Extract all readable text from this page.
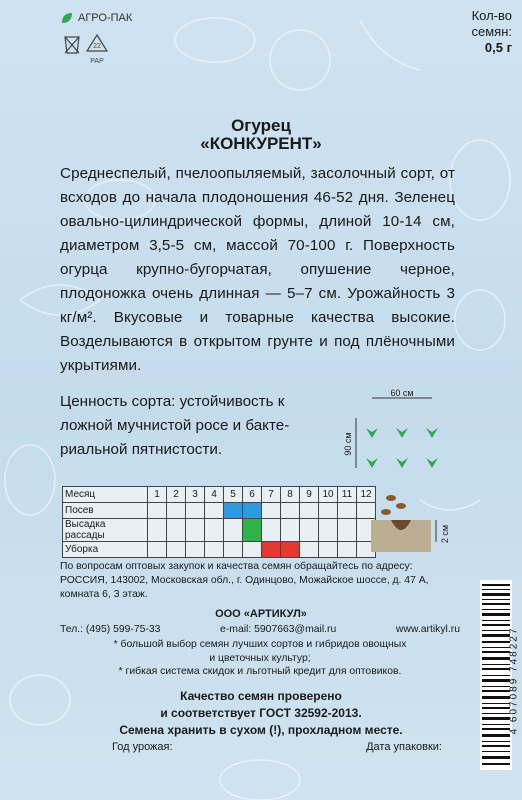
АГРО-ПАК
22
PAP
Кол-во
семян:
0,5 г
Огурец
«КОНКУРЕНТ»

Среднеспелый, пчелоопыляемый, засолочный сорт, от всходов до начала плодоношения 46-52 дня. Зеленец овально-цилиндрической формы, длиной 10-14 см, диаметром 3,5-5 см, массой 70-100 г. Поверхность огурца крупно-бугорчатая, опушение черное, плодоножка очень длинная — 5–7 см. Урожайность 3 кг/м². Вкусовые и товарные качества высокие. Возделываются в открытом грунте и под плёночными укрытиями.

Ценность сорта: устойчивость к
ложной мучнистой росе и бакте-
риальной пятнистости.
60 см
90 см
Месяц	1	2	3	4	5	6	7	8	9	10	11	12
Посев												
Высадка рассады												
Уборка												
2 см

По вопросам оптовых закупок и качества семян обращайтесь по адресу: РОССИЯ, 143002, Московская обл., г. Одинцово, Можайское шоссе, д. 47 А, комната 6, 3 этаж.

ООО «АРТИКУЛ»
Тел.: (495) 599-75-33	e-mail: 5907663@mail.ru	www.artikyl.ru

* большой выбор семян лучших сортов и гибридов овощных

и цветочных культур;

* гибкая система скидок и льготный кредит для оптовиков.

Качество семян проверено

и соответствует ГОСТ 32592-2013.

Семена хранить в сухом (!), прохладном месте.

Год урожая:	Дата упаковки:
4 607089 748227
